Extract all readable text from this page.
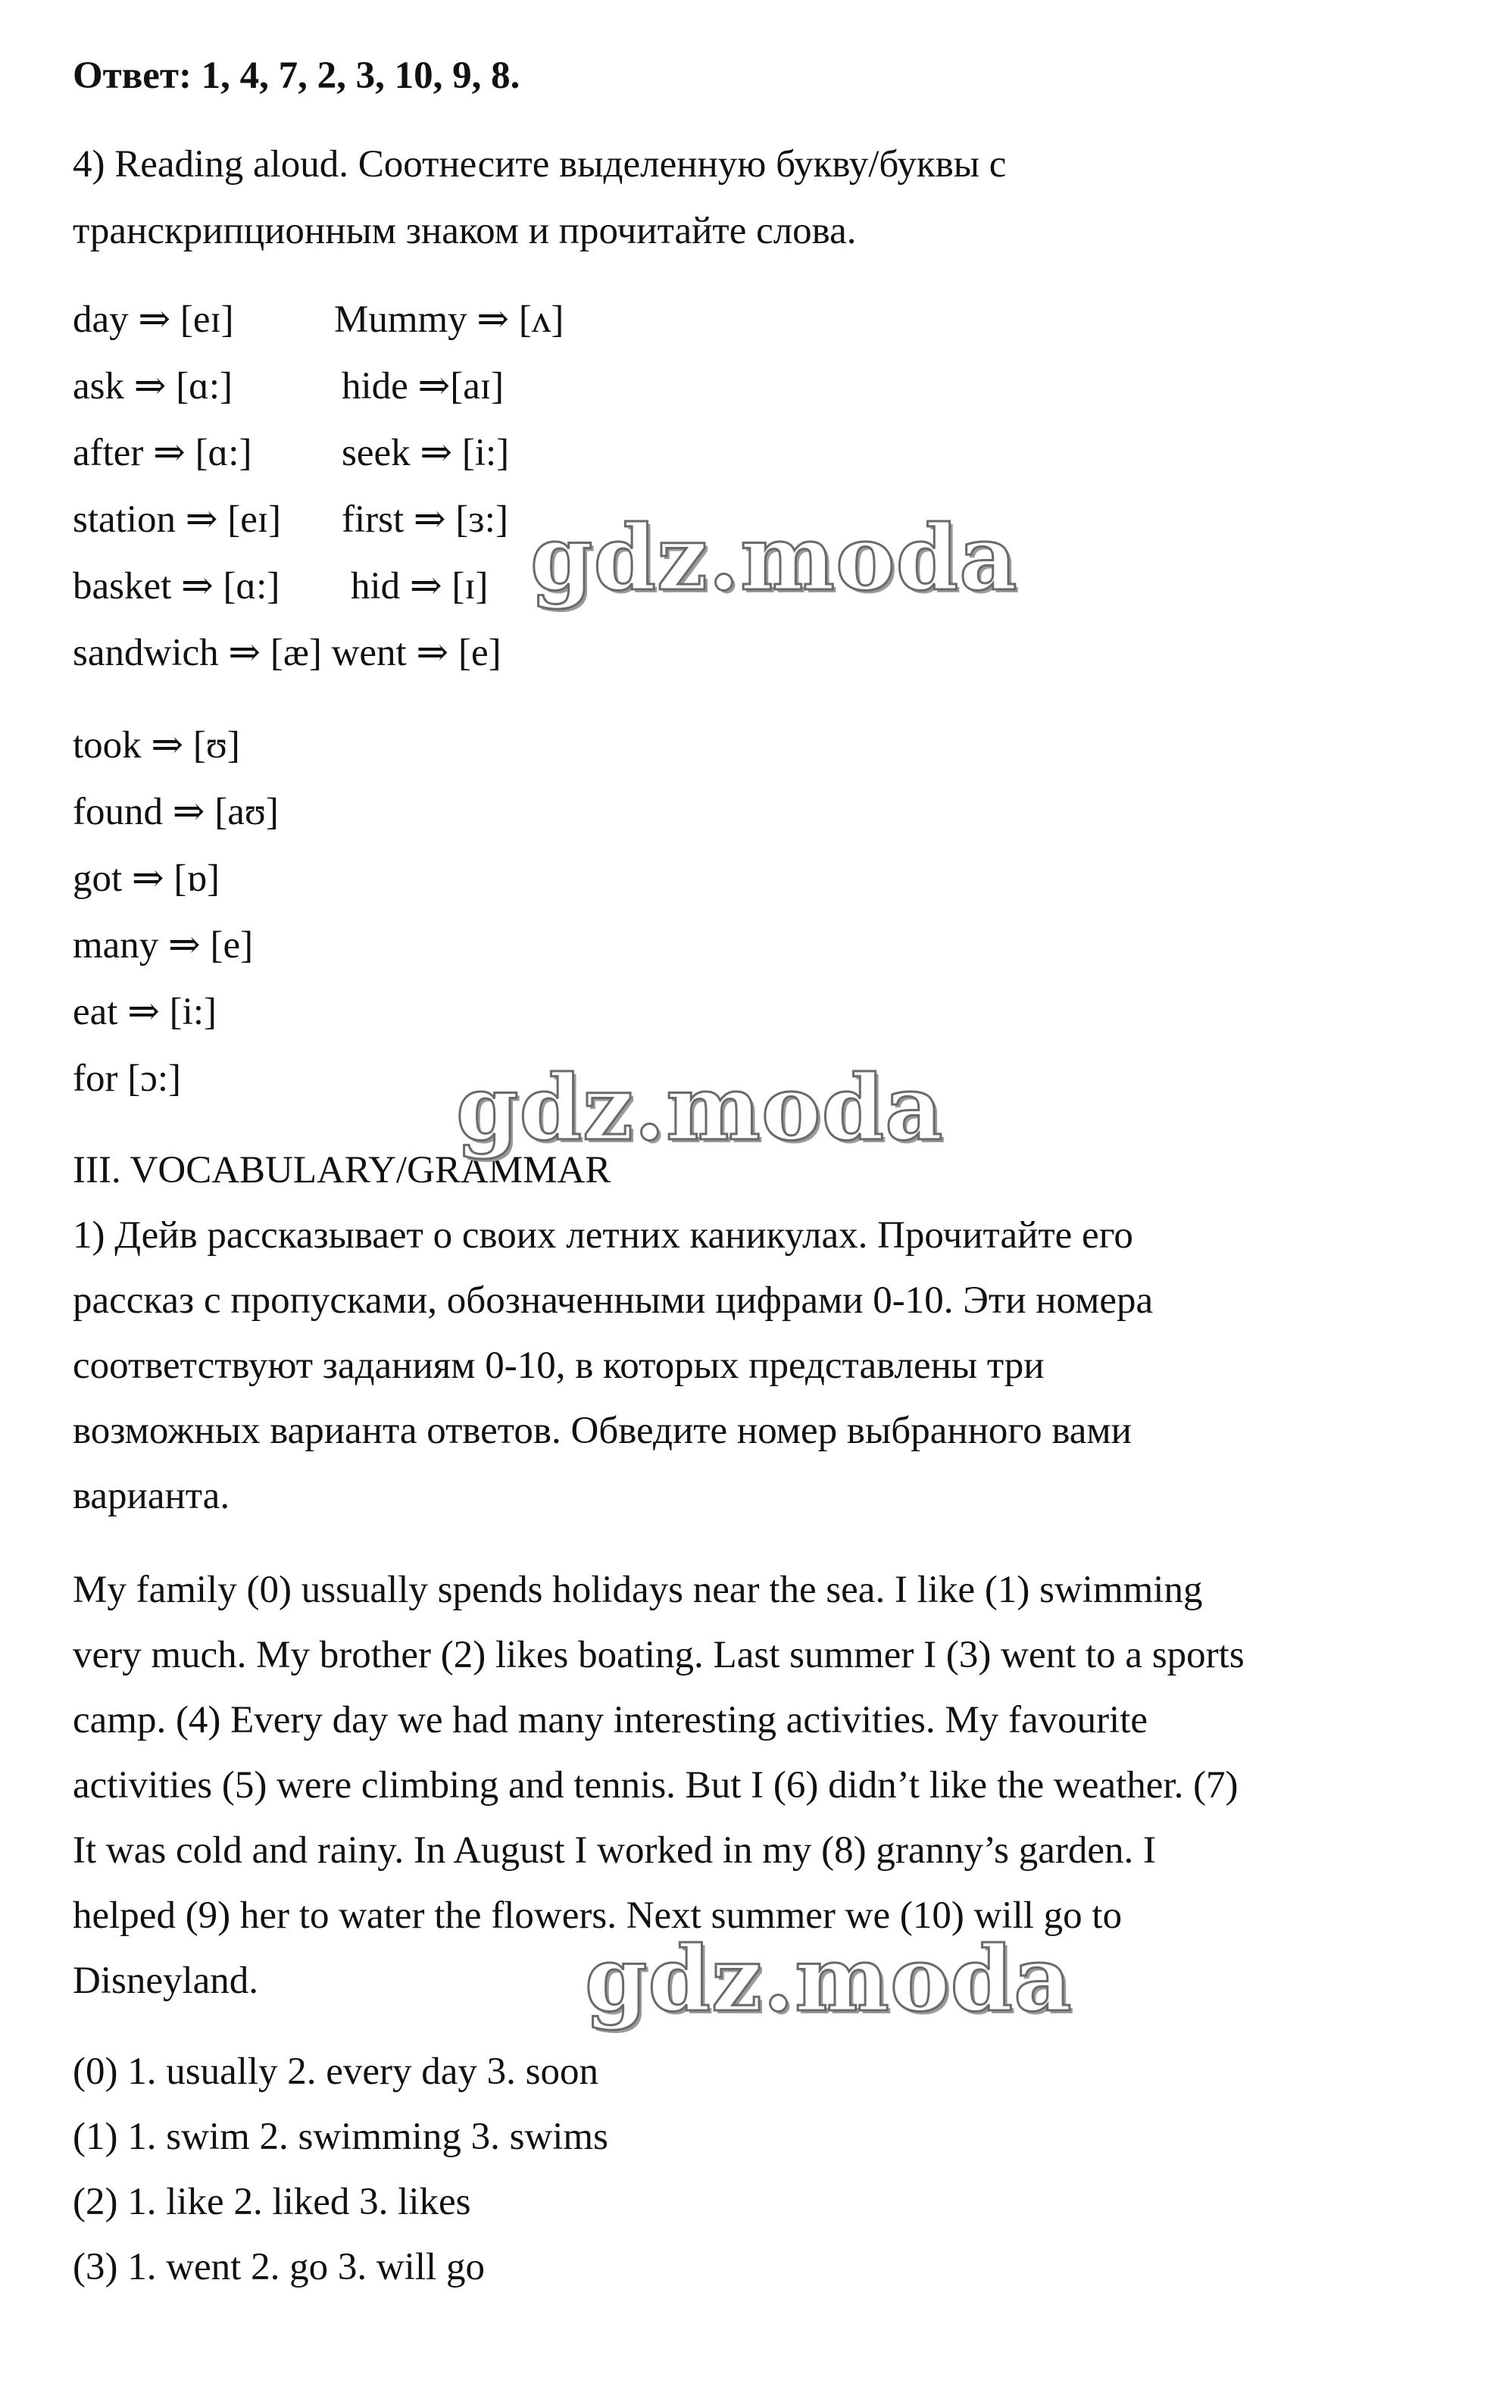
Ответ: 1, 4, 7, 2, 3, 10, 9, 8.
4) Reading aloud. Соотнесите выделенную букву/буквы с
транскрипционным знаком и прочитайте слова.
day ⇒ [eɪ]	Mummy ⇒ [ʌ]
ask ⇒ [ɑ:]	hide ⇒[aɪ]
after ⇒ [ɑ:] seek ⇒ [i:]
station ⇒ [eɪ] first ⇒ [ɜ:]
basket ⇒ [ɑ:] hid ⇒ [ɪ]
sandwich ⇒ [æ] went ⇒ [e]
took ⇒ [ʊ]
found ⇒ [aʊ]
got ⇒ [ɒ]
many ⇒ [e]
eat ⇒ [i:]
for [ɔ:]
III. VOCABULARY/GRAMMAR
1) Дейв рассказывает о своих летних каникулах. Прочитайте его
рассказ с пропусками, обозначенными цифрами 0-10. Эти номера
соответствуют заданиям 0-10, в которых представлены три
возможных варианта ответов. Обведите номер выбранного вами
варианта.
My family (0) ussually spends holidays near the sea. I like (1) swimming
very much. My brother (2) likes boating. Last summer I (3) went to a sports
camp. (4) Every day we had many interesting activities. My favourite
activities (5) were climbing and tennis. But I (6) didn’t like the weather. (7)
It was cold and rainy. In August I worked in my (8) granny’s garden. I
helped (9) her to water the flowers. Next summer we (10) will go to
Disneyland.
(0) 1. usually 2. every day 3. soon
(1) 1. swim 2. swimming 3. swims
(2) 1. like 2. liked 3. likes
(3) 1. went 2. go 3. will go
gdz.moda
gdz.moda
gdz.moda
